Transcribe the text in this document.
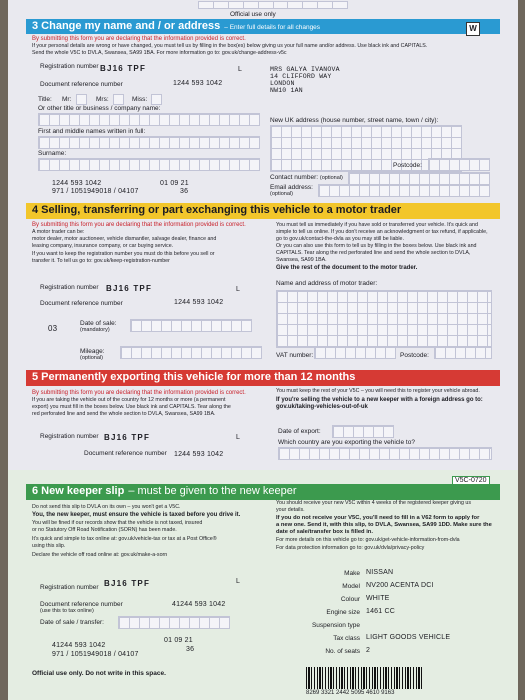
Official use only
3 Change my name and / or address – Enter full details for all changes	W
By submitting this form you are declaring that the information provided is correct.
If your personal details are wrong or have changed, you must tell us by filling in the box(es) below giving us your full name and/or address. Use black ink and CAPITALS.
Send the whole V5C to DVLA, Swansea, SA99 1BA. For more information go to: gov.uk/change-address-v5c
Registration number BJ16 TPF	L
Document reference number	1244 593 1042
MRS GALYA IVANOVA
14 CLIFFORD WAY
LONDON
NW10 1AN
Title: Mr:	Mrs:	Miss:
Or other title or business / company name:
New UK address (house number, street name, town / city):
First and middle names written in full:
Surname:
Postcode:
Contact number: (optional)
Email address:
(optional)
1244 593 1042	01 09 21
971 / 1051949018 / 04107	36
4 Selling, transferring or part exchanging this vehicle to a motor trader
By submitting this form you are declaring that the information provided is correct.
A motor trader can be:
motor dealer, motor auctioneer, vehicle dismantler, salvage dealer, finance and
leasing company, insurance company, or car buying service.
If you want to keep the registration number you must do this before you sell or
transfer it. To tell us go to: gov.uk/keep-registration-number
You must tell us immediately if you have sold or transferred your vehicle. It's quick and
simple to tell us online. If you don't receive an acknowledgment or tax refund, if applicable,
go to gov.uk/contact-the-dvla as you may still be liable.
Or you can also use this form to tell us by filling in the boxes below. Use black ink and
CAPITALS. Tear along the red perforated line and send the whole section to DVLA,
Swansea, SA99 1BA.
Give the rest of the document to the motor trader.
Registration number BJ16 TPF	L
Document reference number	1244 593 1042
Name and address of motor trader:
03
Date of sale:
(mandatory)
Mileage:
(optional)	VAT number:	Postcode:
5 Permanently exporting this vehicle for more than 12 months
By submitting this form you are declaring that the information provided is correct.
If you are taking the vehicle out of the country for 12 months or more (a permanent
export) you must fill in the boxes below. Use black ink and CAPITALS. Tear along the
red perforated line and send the whole section to DVLA, Swansea, SA99 1BA.
You must keep the rest of your V5C – you will need this to register your vehicle abroad.
If you're selling the vehicle to a new keeper with a foreign address go to:
gov.uk/taking-vehicles-out-of-uk
Registration number BJ16 TPF	L
Document reference number 1244 593 1042
Date of export:
Which country are you exporting the vehicle to?
6 New keeper slip – must be given to the new keeper
V5C-0720
Do not send this slip to DVLA on its own – you won't get a V5C.
You, the new keeper, must ensure the vehicle is taxed before you drive it.
You will be fined if our records show that the vehicle is not taxed, insured
or no Statutory Off Road Notification (SORN) has been made.
It's quick and simple to tax online at: gov.uk/vehicle-tax or tax at a Post Office®
using this slip.
Declare the vehicle off road online at: gov.uk/make-a-sorn
You should receive your new V5C within 4 weeks of the registered keeper giving us
your details.
If you do not receive your V5C, you'll need to fill in a V62 form to apply for
a new one. Send it, with this slip, to DVLA, Swansea, SA99 1DD. Make sure the
date of sale/transfer box is filled in.
For more details on this vehicle go to: gov.uk/get-vehicle-information-from-dvla
For data protection information go to: gov.uk/dvla/privacy-policy
Registration number BJ16 TPF	L
Document reference number
(use this to tax online)
41244 593 1042
Date of sale / transfer:
41244 593 1042
01 09 21
971 / 1051949018 / 04107
36
Make NISSAN
Model NV200 ACENTA DCI
Colour WHITE
Engine size 1461 CC
Suspension type
Tax class LIGHT GOODS VEHICLE
No. of seats 2
Official use only. Do not write in this space.
8269 3321 2442 5095 4610 9163
